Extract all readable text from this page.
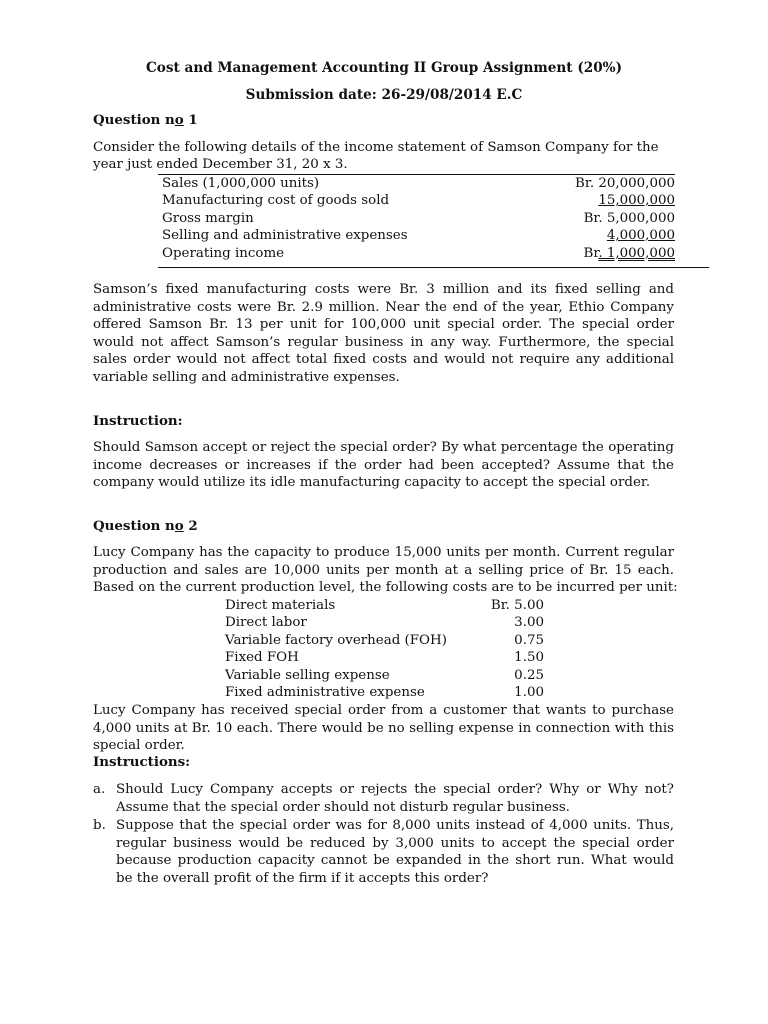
Cost and Management Accounting II Group Assignment (20%)
Submission date: 26-29/08/2014 E.C
Question no 1
Consider the following details of the income statement of Samson Company for the
year just ended December 31, 20 x 3.
Sales (1,000,000 units)	Br. 20,000,000
Manufacturing cost of goods sold	15,000,000
Gross margin	Br. 5,000,000
Selling and administrative expenses	4,000,000
Operating income	Br. 1,000,000
Samson’s fixed manufacturing costs were Br. 3 million and its fixed selling and
administrative costs were Br. 2.9 million. Near the end of the year, Ethio Company
offered Samson Br. 13 per unit for 100,000 unit special order. The special order
would not affect Samson’s regular business in any way. Furthermore, the special
sales order would not affect total fixed costs and would not require any additional
variable selling and administrative expenses.
Instruction:
Should Samson accept or reject the special order? By what percentage the operating
income decreases or increases if the order had been accepted? Assume that the
company would utilize its idle manufacturing capacity to accept the special order.
Question no 2
Lucy Company has the capacity to produce 15,000 units per month. Current regular
production and sales are 10,000 units per month at a selling price of Br. 15 each.
Based on the current production level, the following costs are to be incurred per unit:
Direct materials	Br. 5.00
Direct labor	3.00
Variable factory overhead (FOH)	0.75
Fixed FOH	1.50
Variable selling expense	0.25
Fixed administrative expense	1.00
Lucy Company has received special order from a customer that wants to purchase
4,000 units at Br. 10 each. There would be no selling expense in connection with this
special order.
Instructions:
a. Should Lucy Company accepts or rejects the special order? Why or Why not?
Assume that the special order should not disturb regular business.
b. Suppose that the special order was for 8,000 units instead of 4,000 units. Thus,
regular business would be reduced by 3,000 units to accept the special order
because production capacity cannot be expanded in the short run. What would
be the overall profit of the firm if it accepts this order?
